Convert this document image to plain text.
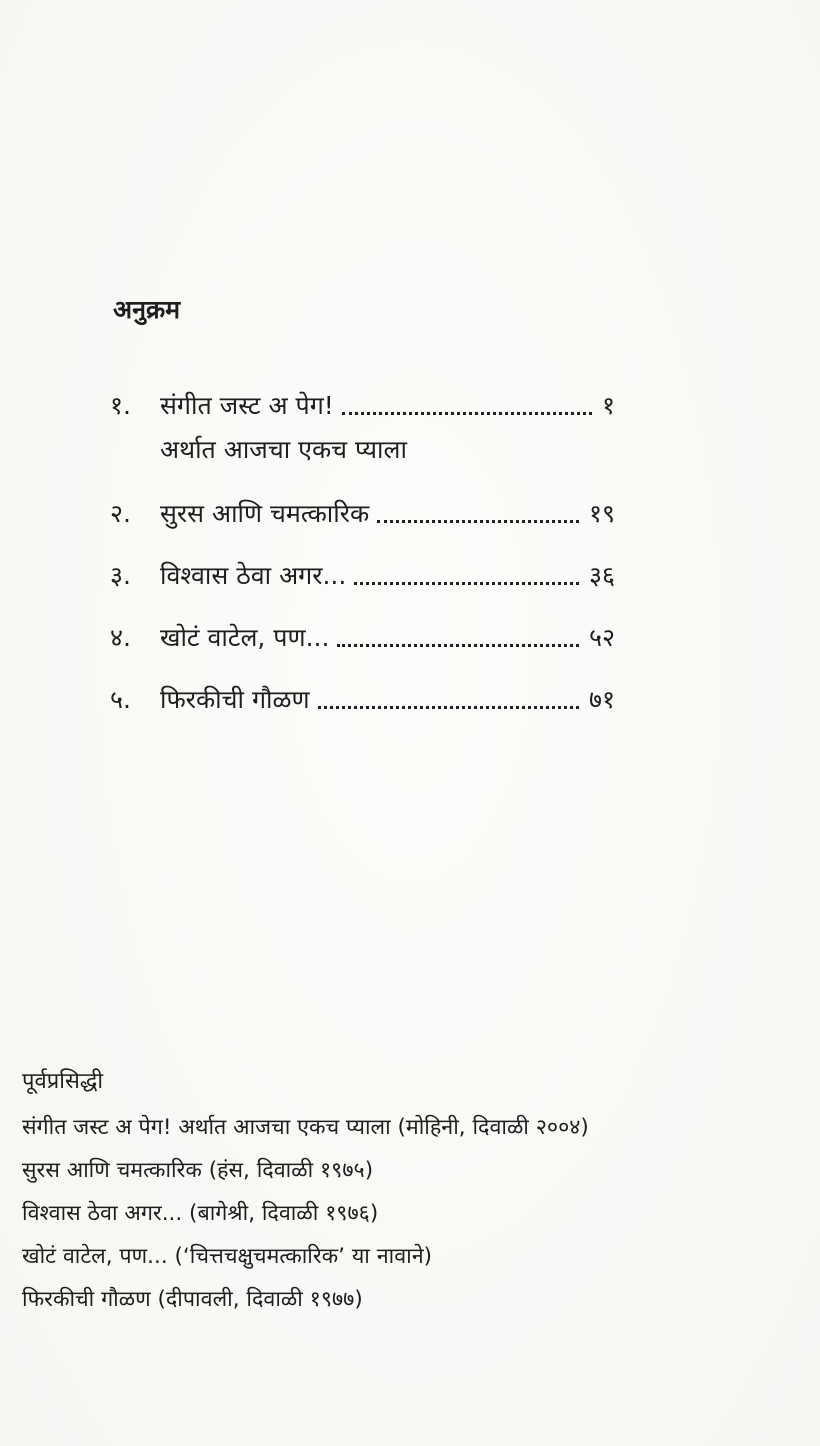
अनुक्रम
१.	संगीत जस्ट अ पेग!	१
अर्थात आजचा एकच प्याला
२.	सुरस आणि चमत्कारिक	१९
३.	विश्वास ठेवा अगर...	३६
४.	खोटं वाटेल, पण...	५२
५.	फिरकीची गौळण	७१
पूर्वप्रसिद्धी
संगीत जस्ट अ पेग! अर्थात आजचा एकच प्याला (मोहिनी, दिवाळी २००४)
सुरस आणि चमत्कारिक (हंस, दिवाळी १९७५)
विश्वास ठेवा अगर... (बागेश्री, दिवाळी १९७६)
खोटं वाटेल, पण... (‘चित्तचक्षुचमत्कारिक’ या नावाने)
फिरकीची गौळण (दीपावली, दिवाळी १९७७)
